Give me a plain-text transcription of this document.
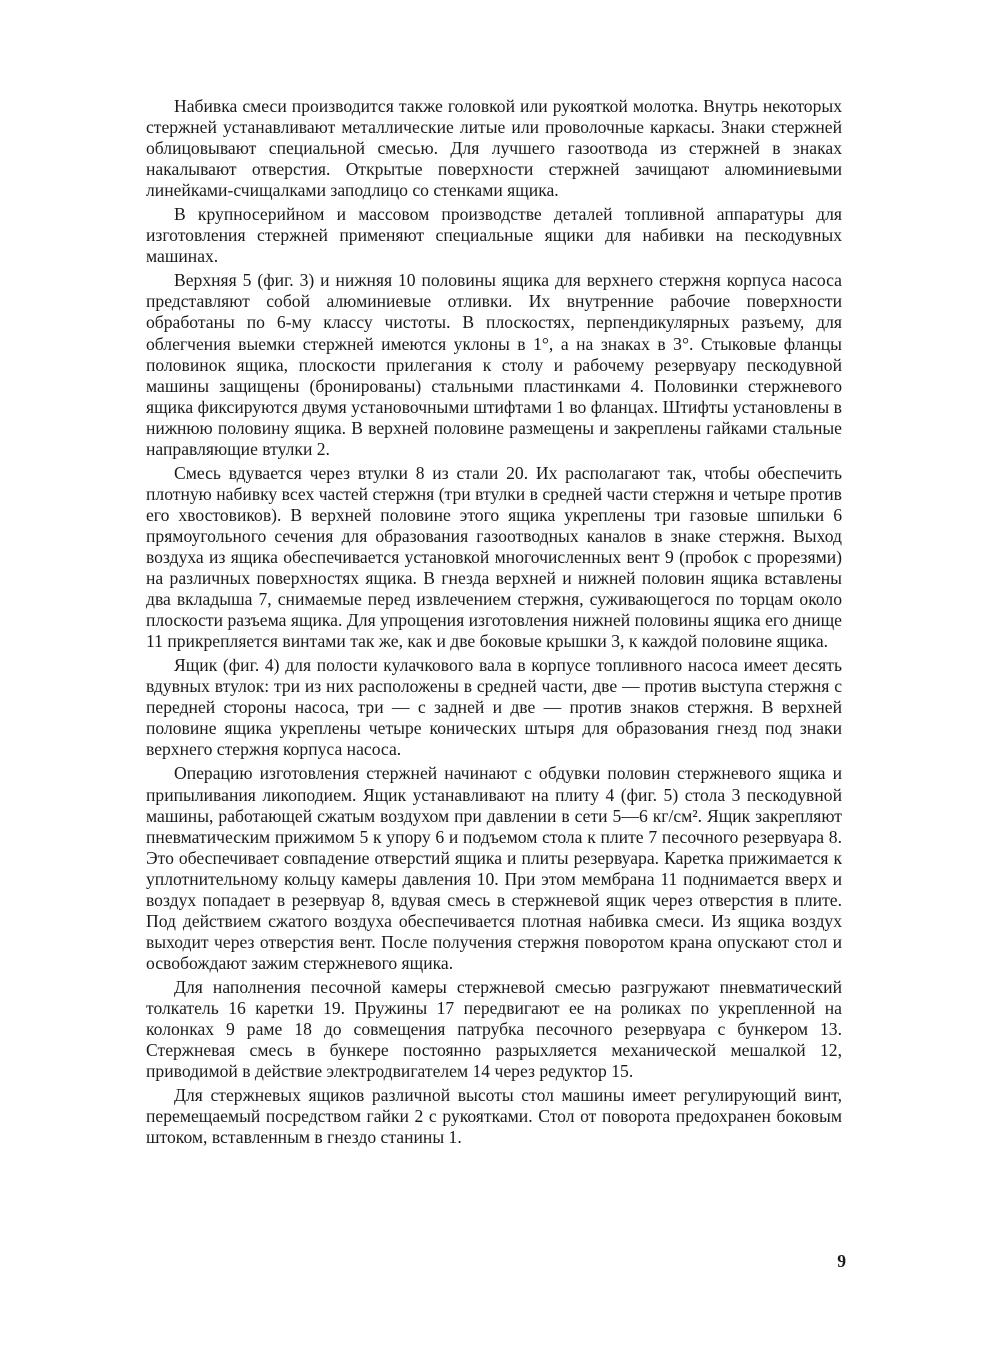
Набивка смеси производится также головкой или рукояткой молотка. Внутрь некоторых стержней устанавливают металлические литые или проволочные каркасы. Знаки стержней облицовывают специальной смесью. Для лучшего газоотвода из стержней в знаках накалывают отверстия. Открытые поверхности стержней зачищают алюминиевыми линейками-счищалками заподлицо со стенками ящика.

В крупносерийном и массовом производстве деталей топливной аппаратуры для изготовления стержней применяют специальные ящики для набивки на пескодувных машинах.

Верхняя 5 (фиг. 3) и нижняя 10 половины ящика для верхнего стержня корпуса насоса представляют собой алюминиевые отливки. Их внутренние рабочие поверхности обработаны по 6-му классу чистоты. В плоскостях, перпендикулярных разъему, для облегчения выемки стержней имеются уклоны в 1°, а на знаках в 3°. Стыковые фланцы половинок ящика, плоскости прилегания к столу и рабочему резервуару пескодувной машины защищены (бронированы) стальными пластинками 4. Половинки стержневого ящика фиксируются двумя установочными штифтами 1 во фланцах. Штифты установлены в нижнюю половину ящика. В верхней половине размещены и закреплены гайками стальные направляющие втулки 2.

Смесь вдувается через втулки 8 из стали 20. Их располагают так, чтобы обеспечить плотную набивку всех частей стержня (три втулки в средней части стержня и четыре против его хвостовиков). В верхней половине этого ящика укреплены три газовые шпильки 6 прямоугольного сечения для образования газоотводных каналов в знаке стержня. Выход воздуха из ящика обеспечивается установкой многочисленных вент 9 (пробок с прорезями) на различных поверхностях ящика. В гнезда верхней и нижней половин ящика вставлены два вкладыша 7, снимаемые перед извлечением стержня, суживающегося по торцам около плоскости разъема ящика. Для упрощения изготовления нижней половины ящика его днище 11 прикрепляется винтами так же, как и две боковые крышки 3, к каждой половине ящика.

Ящик (фиг. 4) для полости кулачкового вала в корпусе топливного насоса имеет десять вдувных втулок: три из них расположены в средней части, две — против выступа стержня с передней стороны насоса, три — с задней и две — против знаков стержня. В верхней половине ящика укреплены четыре конических штыря для образования гнезд под знаки верхнего стержня корпуса насоса.

Операцию изготовления стержней начинают с обдувки половин стержневого ящика и припыливания ликоподием. Ящик устанавливают на плиту 4 (фиг. 5) стола 3 пескодувной машины, работающей сжатым воздухом при давлении в сети 5—6 кг/см². Ящик закрепляют пневматическим прижимом 5 к упору 6 и подъемом стола к плите 7 песочного резервуара 8. Это обеспечивает совпадение отверстий ящика и плиты резервуара. Каретка прижимается к уплотнительному кольцу камеры давления 10. При этом мембрана 11 поднимается вверх и воздух попадает в резервуар 8, вдувая смесь в стержневой ящик через отверстия в плите. Под действием сжатого воздуха обеспечивается плотная набивка смеси. Из ящика воздух выходит через отверстия вент. После получения стержня поворотом крана опускают стол и освобождают зажим стержневого ящика.

Для наполнения песочной камеры стержневой смесью разгружают пневматический толкатель 16 каретки 19. Пружины 17 передвигают ее на роликах по укрепленной на колонках 9 раме 18 до совмещения патрубка песочного резервуара с бункером 13. Стержневая смесь в бункере постоянно разрыхляется механической мешалкой 12, приводимой в действие электродвигателем 14 через редуктор 15.

Для стержневых ящиков различной высоты стол машины имеет регулирующий винт, перемещаемый посредством гайки 2 с рукоятками. Стол от поворота предохранен боковым штоком, вставленным в гнездо станины 1.

9
